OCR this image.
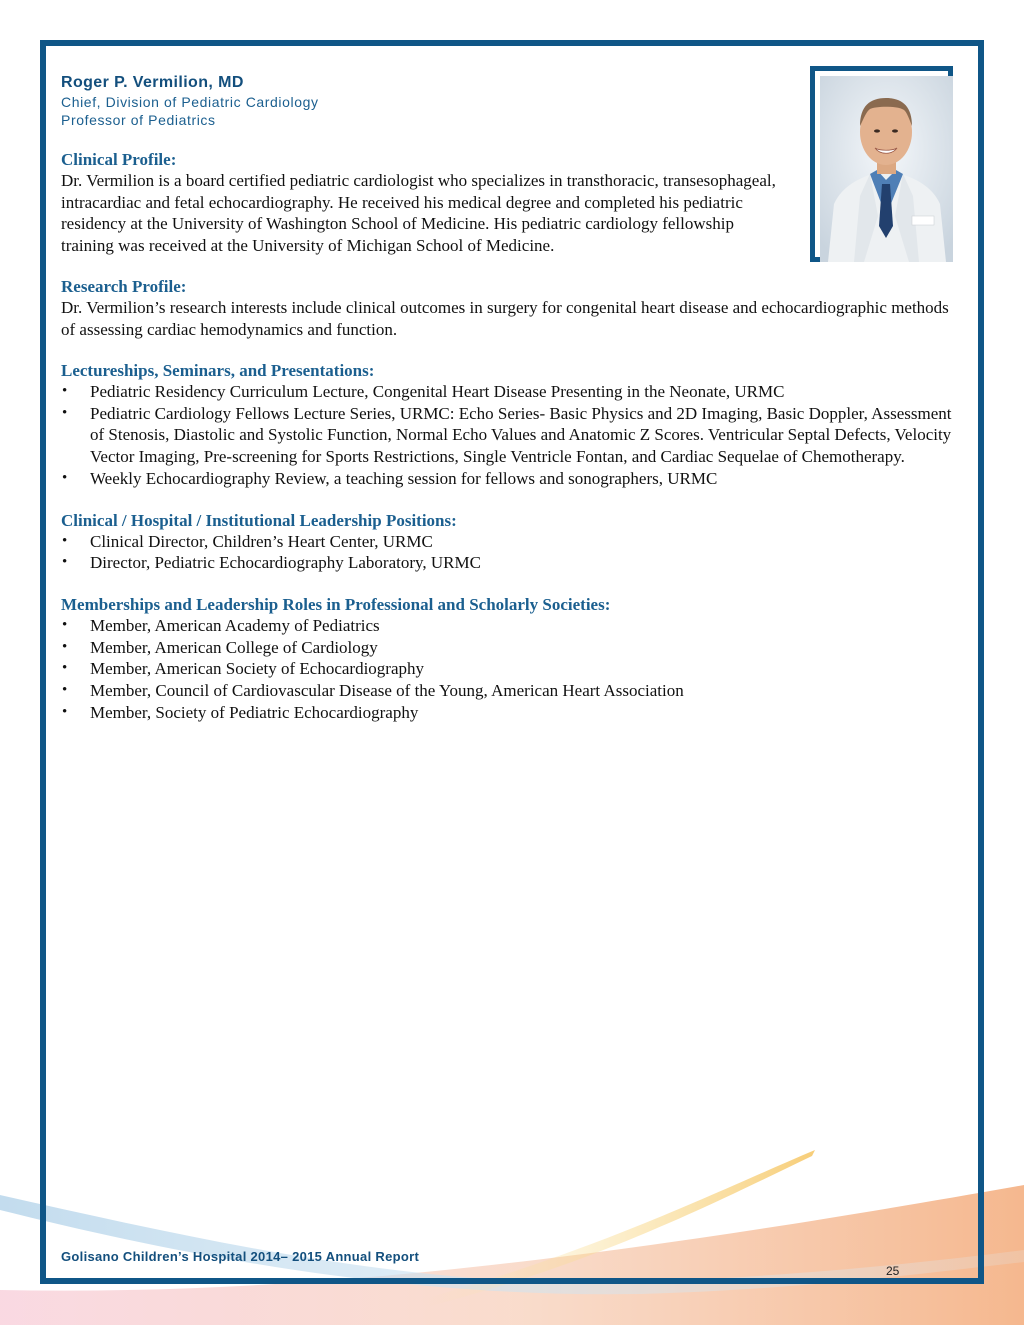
Roger P. Vermilion, MD

Chief, Division of Pediatric Cardiology

Professor of Pediatrics

Clinical Profile:

Dr. Vermilion is a board certified pediatric cardiologist who specializes in transthoracic, transesophageal, intracardiac and fetal echocardiography. He received his medical degree and completed his pediatric residency at the University of Washington School of Medicine. His pediatric cardiology fellowship training was received at the University of Michigan School of Medicine.

Research Profile:

Dr. Vermilion’s research interests include clinical outcomes in surgery for congenital heart disease and echocardiographic methods of assessing cardiac hemodynamics and function.

Lectureships, Seminars, and Presentations:

• Pediatric Residency Curriculum Lecture, Congenital Heart Disease Presenting in the Neonate, URMC
• Pediatric Cardiology Fellows Lecture Series, URMC: Echo Series- Basic Physics and 2D Imaging, Basic Doppler, Assessment of Stenosis, Diastolic and Systolic Function, Normal Echo Values and Anatomic Z Scores. Ventricular Septal Defects, Velocity Vector Imaging, Pre-screening for Sports Restrictions, Single Ventricle Fontan, and Cardiac Sequelae of Chemotherapy.
• Weekly Echocardiography Review, a teaching session for fellows and sonographers, URMC

Clinical / Hospital / Institutional Leadership Positions:

• Clinical Director, Children’s Heart Center, URMC
• Director, Pediatric Echocardiography Laboratory, URMC

Memberships and Leadership Roles in Professional and Scholarly Societies:

• Member, American Academy of Pediatrics
• Member, American College of Cardiology
• Member, American Society of Echocardiography
• Member, Council of Cardiovascular Disease of the Young, American Heart Association
• Member, Society of Pediatric Echocardiography
Golisano Children’s Hospital 2014– 2015 Annual Report
25
